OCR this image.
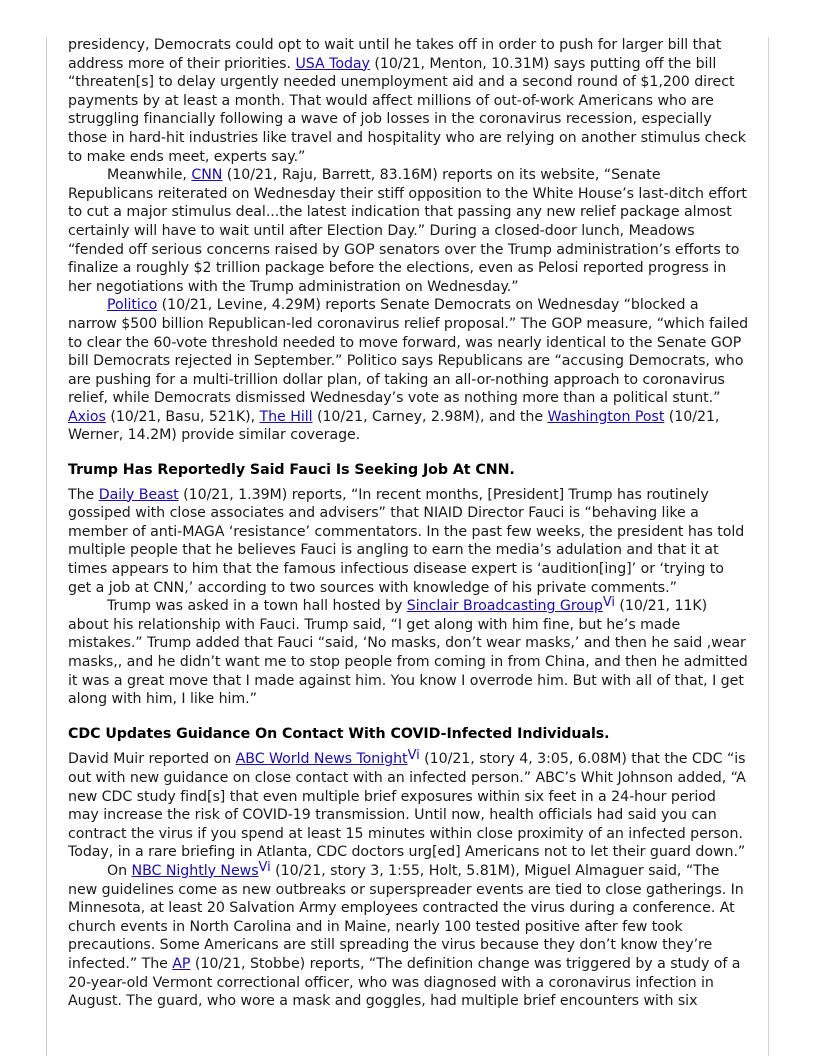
presidency, Democrats could opt to wait until he takes off in order to push for larger bill that address more of their priorities. USA Today (10/21, Menton, 10.31M) says putting off the bill “threaten[s] to delay urgently needed unemployment aid and a second round of $1,200 direct payments by at least a month. That would affect millions of out-of-work Americans who are struggling financially following a wave of job losses in the coronavirus recession, especially those in hard-hit industries like travel and hospitality who are relying on another stimulus check to make ends meet, experts say.”

Meanwhile, CNN (10/21, Raju, Barrett, 83.16M) reports on its website, “Senate Republicans reiterated on Wednesday their stiff opposition to the White House’s last-ditch effort to cut a major stimulus deal...the latest indication that passing any new relief package almost certainly will have to wait until after Election Day.” During a closed-door lunch, Meadows “fended off serious concerns raised by GOP senators over the Trump administration’s efforts to finalize a roughly $2 trillion package before the elections, even as Pelosi reported progress in her negotiations with the Trump administration on Wednesday.”

Politico (10/21, Levine, 4.29M) reports Senate Democrats on Wednesday “blocked a narrow $500 billion Republican-led coronavirus relief proposal.” The GOP measure, “which failed to clear the 60-vote threshold needed to move forward, was nearly identical to the Senate GOP bill Democrats rejected in September.” Politico says Republicans are “accusing Democrats, who are pushing for a multi-trillion dollar plan, of taking an all-or-nothing approach to coronavirus relief, while Democrats dismissed Wednesday’s vote as nothing more than a political stunt.” Axios (10/21, Basu, 521K), The Hill (10/21, Carney, 2.98M), and the Washington Post (10/21, Werner, 14.2M) provide similar coverage.

Trump Has Reportedly Said Fauci Is Seeking Job At CNN.

The Daily Beast (10/21, 1.39M) reports, “In recent months, [President] Trump has routinely gossiped with close associates and advisers” that NIAID Director Fauci is “behaving like a member of anti-MAGA ‘resistance’ commentators. In the past few weeks, the president has told multiple people that he believes Fauci is angling to earn the media’s adulation and that it at times appears to him that the famous infectious disease expert is ‘audition[ing]’ or ‘trying to get a job at CNN,’ according to two sources with knowledge of his private comments.”

Trump was asked in a town hall hosted by Sinclair Broadcasting GroupVi (10/21, 11K) about his relationship with Fauci. Trump said, “I get along with him fine, but he’s made mistakes.” Trump added that Fauci “said, ‘No masks, don’t wear masks,’ and then he said ,wear masks,, and he didn’t want me to stop people from coming in from China, and then he admitted it was a great move that I made against him. You know I overrode him. But with all of that, I get along with him, I like him.”

CDC Updates Guidance On Contact With COVID-Infected Individuals.

David Muir reported on ABC World News TonightVi (10/21, story 4, 3:05, 6.08M) that the CDC “is out with new guidance on close contact with an infected person.” ABC’s Whit Johnson added, “A new CDC study find[s] that even multiple brief exposures within six feet in a 24-hour period may increase the risk of COVID-19 transmission. Until now, health officials had said you can contract the virus if you spend at least 15 minutes within close proximity of an infected person. Today, in a rare briefing in Atlanta, CDC doctors urg[ed] Americans not to let their guard down.”

On NBC Nightly NewsVi (10/21, story 3, 1:55, Holt, 5.81M), Miguel Almaguer said, “The new guidelines come as new outbreaks or superspreader events are tied to close gatherings. In Minnesota, at least 20 Salvation Army employees contracted the virus during a conference. At church events in North Carolina and in Maine, nearly 100 tested positive after few took precautions. Some Americans are still spreading the virus because they don’t know they’re infected.” The AP (10/21, Stobbe) reports, “The definition change was triggered by a study of a 20-year-old Vermont correctional officer, who was diagnosed with a coronavirus infection in August. The guard, who wore a mask and goggles, had multiple brief encounters with six
